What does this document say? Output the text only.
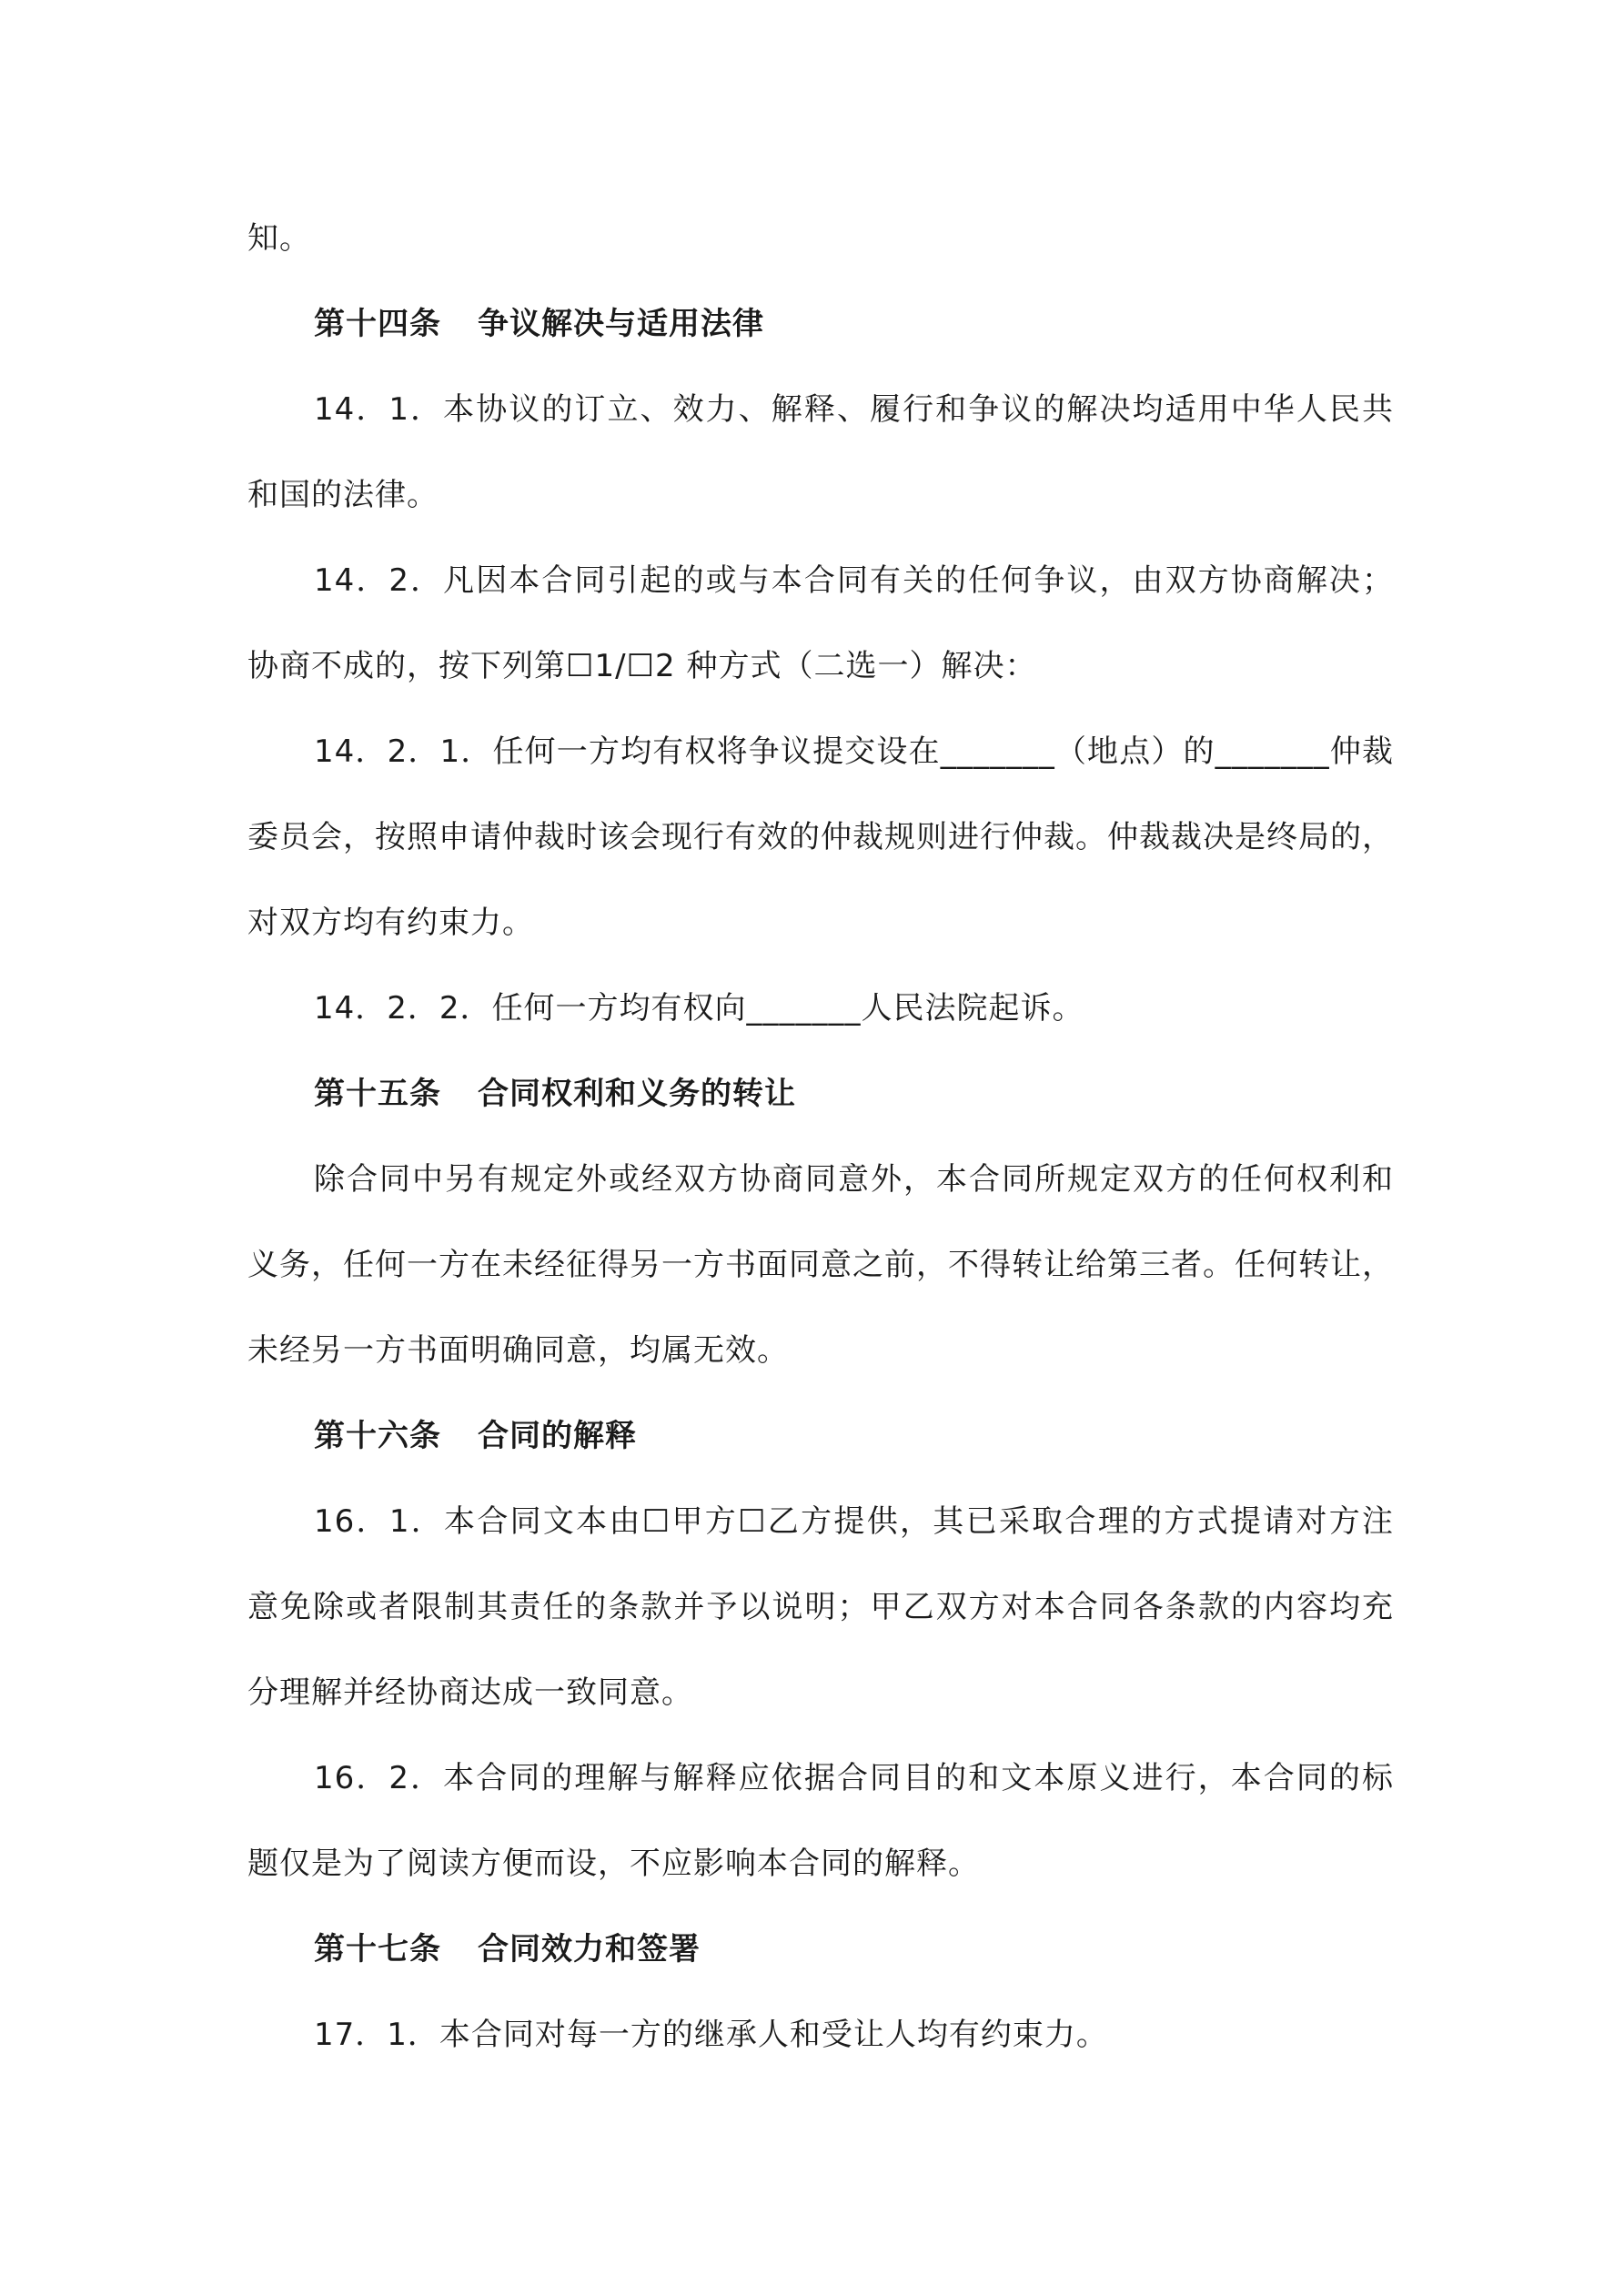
知。
第十四条 争议解决与适用法律
14．1．本协议的订立、效力、解释、履行和争议的解决均适用中华人民共
和国的法律。
14．2．凡因本合同引起的或与本合同有关的任何争议，由双方协商解决；
协商不成的，按下列第☐1/☐2 种方式（二选一）解决：
14．2．1．任何一方均有权将争议提交设在_______（地点）的_______仲裁
委员会，按照申请仲裁时该会现行有效的仲裁规则进行仲裁。仲裁裁决是终局的，
对双方均有约束力。
14．2．2．任何一方均有权向_______人民法院起诉。
第十五条 合同权利和义务的转让
除合同中另有规定外或经双方协商同意外，本合同所规定双方的任何权利和
义务，任何一方在未经征得另一方书面同意之前，不得转让给第三者。任何转让，
未经另一方书面明确同意，均属无效。
第十六条 合同的解释
16．1．本合同文本由☐甲方☐乙方提供，其已采取合理的方式提请对方注
意免除或者限制其责任的条款并予以说明；甲乙双方对本合同各条款的内容均充
分理解并经协商达成一致同意。
16．2．本合同的理解与解释应依据合同目的和文本原义进行，本合同的标
题仅是为了阅读方便而设，不应影响本合同的解释。
第十七条 合同效力和签署
17．1．本合同对每一方的继承人和受让人均有约束力。
